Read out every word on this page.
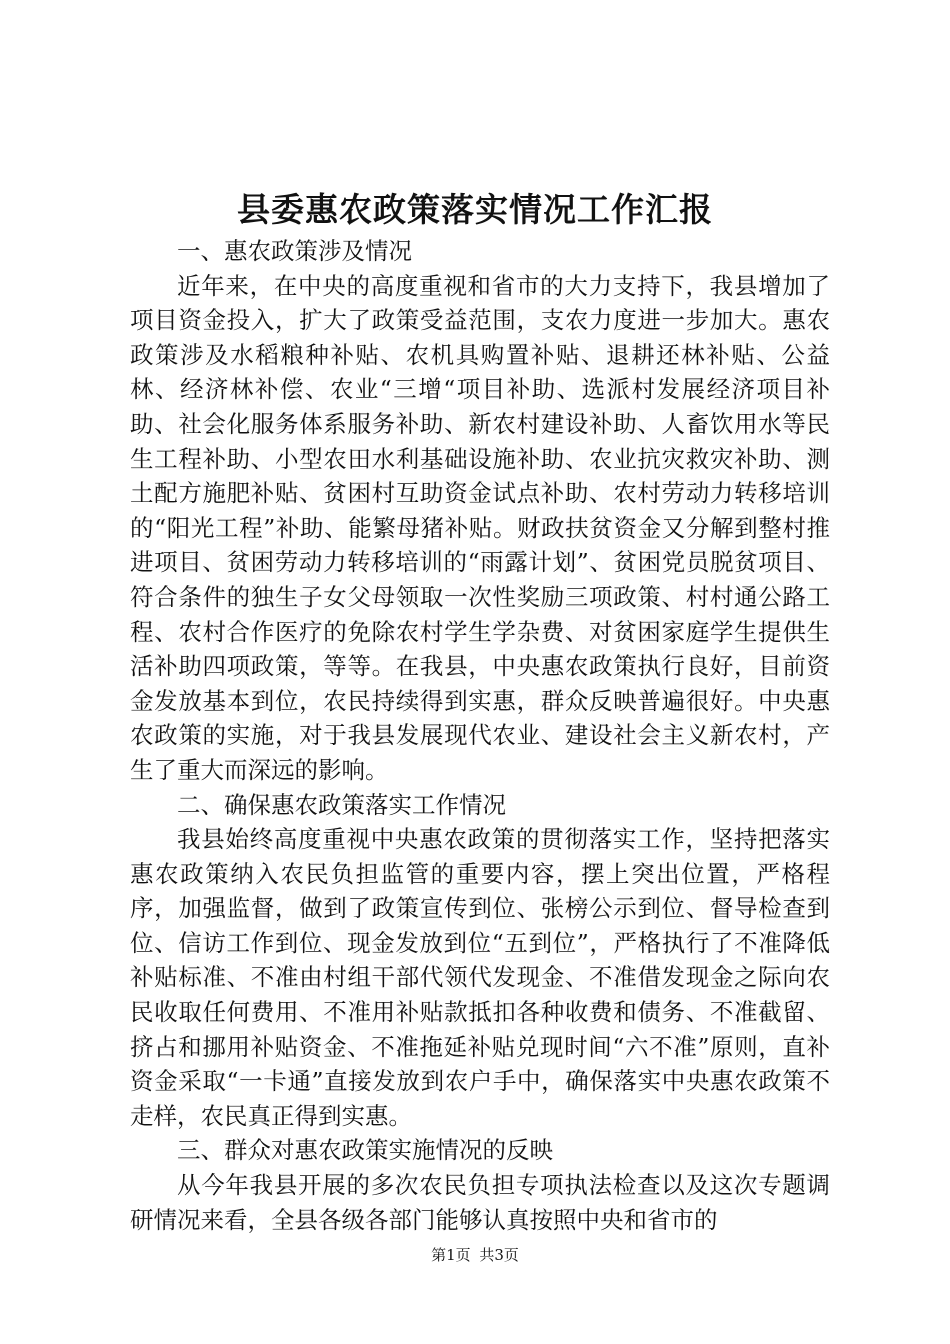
县委惠农政策落实情况工作汇报

一、惠农政策涉及情况

近年来，在中央的高度重视和省市的大力支持下，我县增加了项目资金投入，扩大了政策受益范围，支农力度进一步加大。惠农政策涉及水稻粮种补贴、农机具购置补贴、退耕还林补贴、公益林、经济林补偿、农业“三增“项目补助、选派村发展经济项目补助、社会化服务体系服务补助、新农村建设补助、人畜饮用水等民生工程补助、小型农田水利基础设施补助、农业抗灾救灾补助、测土配方施肥补贴、贫困村互助资金试点补助、农村劳动力转移培训的“阳光工程”补助、能繁母猪补贴。财政扶贫资金又分解到整村推进项目、贫困劳动力转移培训的“雨露计划”、贫困党员脱贫项目、符合条件的独生子女父母领取一次性奖励三项政策、村村通公路工程、农村合作医疗的免除农村学生学杂费、对贫困家庭学生提供生活补助四项政策，等等。在我县，中央惠农政策执行良好，目前资金发放基本到位，农民持续得到实惠，群众反映普遍很好。中央惠农政策的实施，对于我县发展现代农业、建设社会主义新农村，产生了重大而深远的影响。

二、确保惠农政策落实工作情况

我县始终高度重视中央惠农政策的贯彻落实工作，坚持把落实惠农政策纳入农民负担监管的重要内容，摆上突出位置，严格程序，加强监督，做到了政策宣传到位、张榜公示到位、督导检查到位、信访工作到位、现金发放到位“五到位”，严格执行了不准降低补贴标准、不准由村组干部代领代发现金、不准借发现金之际向农民收取任何费用、不准用补贴款抵扣各种收费和债务、不准截留、挤占和挪用补贴资金、不准拖延补贴兑现时间“六不准”原则，直补资金采取“一卡通”直接发放到农户手中，确保落实中央惠农政策不走样，农民真正得到实惠。

三、群众对惠农政策实施情况的反映

从今年我县开展的多次农民负担专项执法检查以及这次专题调研情况来看，全县各级各部门能够认真按照中央和省市的

第1页 共3页
